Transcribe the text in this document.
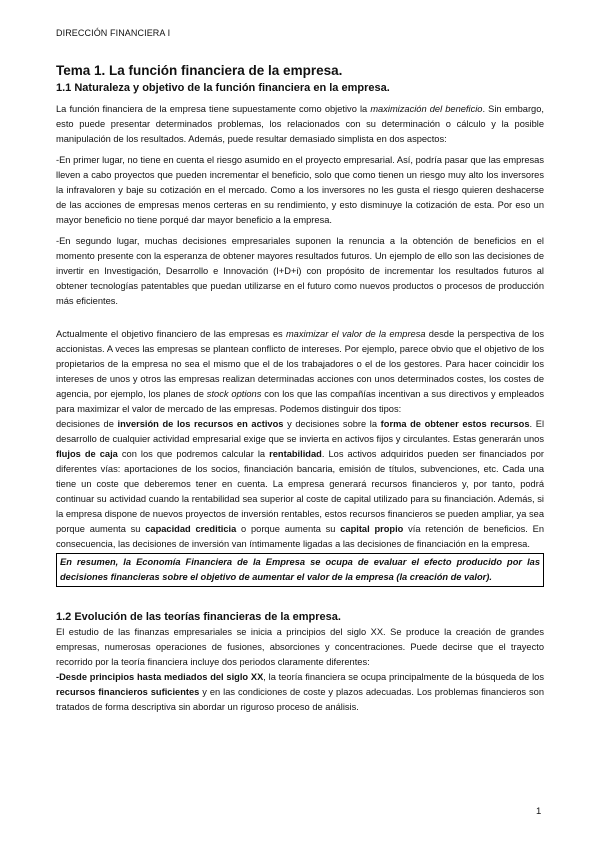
DIRECCIÓN FINANCIERA I

Tema 1. La función financiera de la empresa.

1.1 Naturaleza y objetivo de la función financiera en la empresa.

La función financiera de la empresa tiene supuestamente como objetivo la maximización del beneficio. Sin embargo, esto puede presentar determinados problemas, los relacionados con su determinación o cálculo y la posible manipulación de los resultados. Además, puede resultar demasiado simplista en dos aspectos:

-En primer lugar, no tiene en cuenta el riesgo asumido en el proyecto empresarial. Así, podría pasar que las empresas lleven a cabo proyectos que pueden incrementar el beneficio, solo que como tienen un riesgo muy alto los inversores la infravaloren y baje su cotización en el mercado. Como a los inversores no les gusta el riesgo quieren deshacerse de las acciones de empresas menos certeras en su rendimiento, y esto disminuye la cotización de esta. Por eso un mayor beneficio no tiene porqué dar mayor beneficio a la empresa.

-En segundo lugar, muchas decisiones empresariales suponen la renuncia a la obtención de beneficios en el momento presente con la esperanza de obtener mayores resultados futuros. Un ejemplo de ello son las decisiones de invertir en Investigación, Desarrollo e Innovación (I+D+i) con propósito de incrementar los resultados futuros al obtener tecnologías patentables que puedan utilizarse en el futuro como nuevos productos o procesos de producción más eficientes.

Actualmente el objetivo financiero de las empresas es maximizar el valor de la empresa desde la perspectiva de los accionistas. A veces las empresas se plantean conflicto de intereses. Por ejemplo, parece obvio que el objetivo de los propietarios de la empresa no sea el mismo que el de los trabajadores o el de los gestores. Para hacer coincidir los intereses de unos y otros las empresas realizan determinadas acciones con unos determinados costes, los costes de agencia, por ejemplo, los planes de stock options con los que las compañías incentivan a sus directivos y empleados para maximizar el valor de mercado de las empresas. Podemos distinguir dos tipos:
decisiones de inversión de los recursos en activos y decisiones sobre la forma de obtener estos recursos. El desarrollo de cualquier actividad empresarial exige que se invierta en activos fijos y circulantes. Estas generarán unos flujos de caja con los que podremos calcular la rentabilidad. Los activos adquiridos pueden ser financiados por diferentes vías: aportaciones de los socios, financiación bancaria, emisión de títulos, subvenciones, etc. Cada una tiene un coste que deberemos tener en cuenta. La empresa generará recursos financieros y, por tanto, podrá continuar su actividad cuando la rentabilidad sea superior al coste de capital utilizado para su financiación. Además, si la empresa dispone de nuevos proyectos de inversión rentables, estos recursos financieros se pueden ampliar, ya sea porque aumenta su capacidad crediticia o porque aumenta su capital propio vía retención de beneficios. En consecuencia, las decisiones de inversión van íntimamente ligadas a las decisiones de financiación en la empresa.

En resumen, la Economía Financiera de la Empresa se ocupa de evaluar el efecto producido por las decisiones financieras sobre el objetivo de aumentar el valor de la empresa (la creación de valor).

1.2 Evolución de las teorías financieras de la empresa.

El estudio de las finanzas empresariales se inicia a principios del siglo XX. Se produce la creación de grandes empresas, numerosas operaciones de fusiones, absorciones y concentraciones. Puede decirse que el trayecto recorrido por la teoría financiera incluye dos periodos claramente diferentes:

-Desde principios hasta mediados del siglo XX, la teoría financiera se ocupa principalmente de la búsqueda de los recursos financieros suficientes y en las condiciones de coste y plazos adecuadas. Los problemas financieros son tratados de forma descriptiva sin abordar un riguroso proceso de análisis.

1
